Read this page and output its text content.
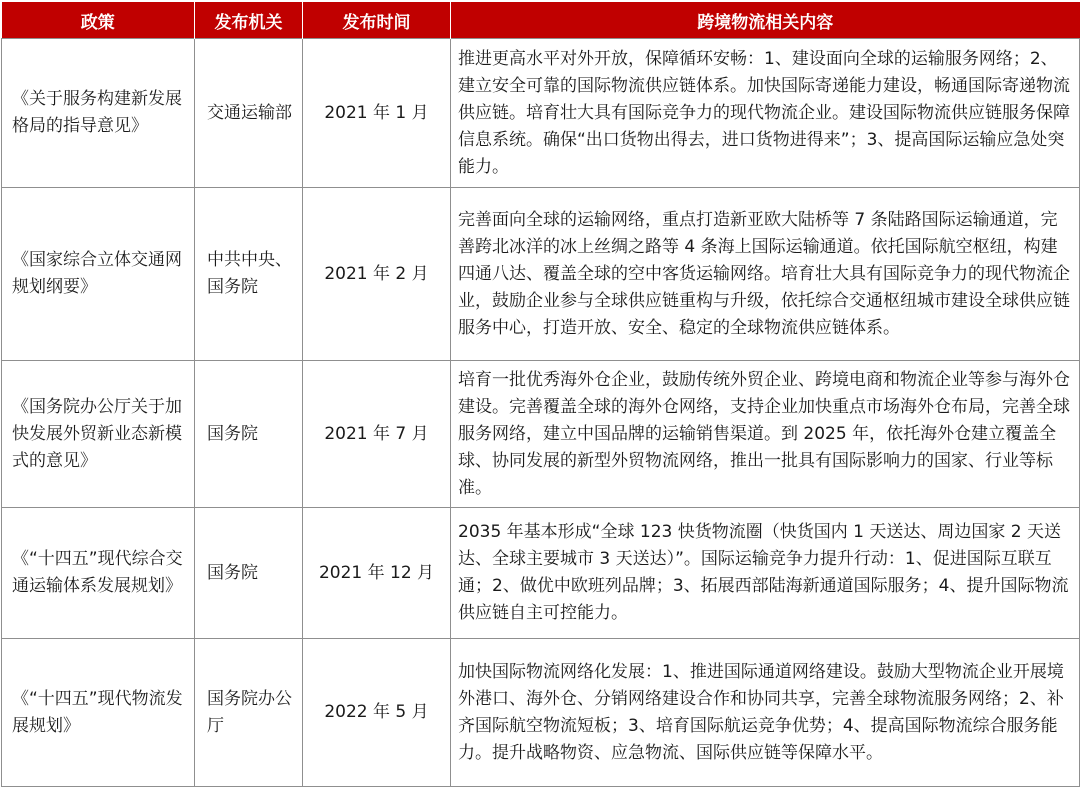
政策	发布机关	发布时间	跨境物流相关内容
《关于服务构建新发展格局的指导意见》	交通运输部	2021 年 1 月	推进更高水平对外开放，保障循环安畅：1、建设面向全球的运输服务网络；2、建立安全可靠的国际物流供应链体系。加快国际寄递能力建设，畅通国际寄递物流供应链。培育壮大具有国际竞争力的现代物流企业。建设国际物流供应链服务保障信息系统。确保“出口货物出得去，进口货物进得来”；3、提高国际运输应急处突能力。
《国家综合立体交通网规划纲要》	中共中央、国务院	2021 年 2 月	完善面向全球的运输网络，重点打造新亚欧大陆桥等 7 条陆路国际运输通道，完善跨北冰洋的冰上丝绸之路等 4 条海上国际运输通道。依托国际航空枢纽，构建四通八达、覆盖全球的空中客货运输网络。培育壮大具有国际竞争力的现代物流企业，鼓励企业参与全球供应链重构与升级，依托综合交通枢纽城市建设全球供应链服务中心，打造开放、安全、稳定的全球物流供应链体系。
《国务院办公厅关于加快发展外贸新业态新模式的意见》	国务院	2021 年 7 月	培育一批优秀海外仓企业，鼓励传统外贸企业、跨境电商和物流企业等参与海外仓建设。完善覆盖全球的海外仓网络，支持企业加快重点市场海外仓布局，完善全球服务网络，建立中国品牌的运输销售渠道。到 2025 年，依托海外仓建立覆盖全球、协同发展的新型外贸物流网络，推出一批具有国际影响力的国家、行业等标准。
《“十四五”现代综合交通运输体系发展规划》	国务院	2021 年 12 月	2035 年基本形成“全球 123 快货物流圈（快货国内 1 天送达、周边国家 2 天送达、全球主要城市 3 天送达）”。国际运输竞争力提升行动：1、促进国际互联互通；2、做优中欧班列品牌；3、拓展西部陆海新通道国际服务；4、提升国际物流供应链自主可控能力。
《“十四五”现代物流发展规划》	国务院办公厅	2022 年 5 月	加快国际物流网络化发展：1、推进国际通道网络建设。鼓励大型物流企业开展境外港口、海外仓、分销网络建设合作和协同共享，完善全球物流服务网络；2、补齐国际航空物流短板；3、培育国际航运竞争优势；4、提高国际物流综合服务能力。提升战略物资、应急物流、国际供应链等保障水平。
